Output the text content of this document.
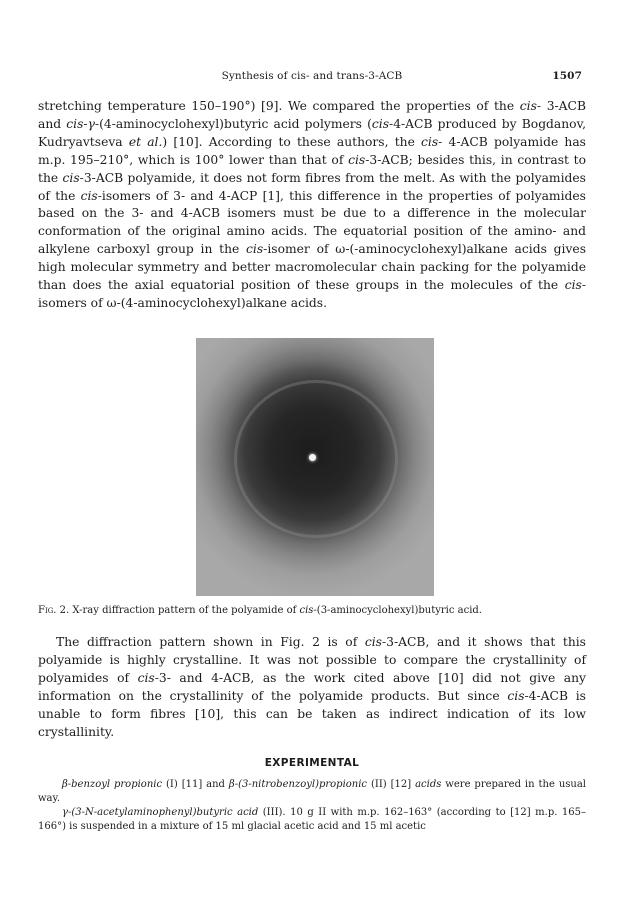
Synthesis of cis- and trans-3-ACB	1507

stretching temperature 150–190°) [9]. We compared the properties of the cis- 3-ACB and cis-γ-(4-aminocyclohexyl)butyric acid polymers (cis-4-ACB produced by Bogdanov, Kudryavtseva et al.) [10]. According to these authors, the cis- 4-ACB polyamide has m.p. 195–210°, which is 100° lower than that of cis-3-ACB; besides this, in contrast to the cis-3-ACB polyamide, it does not form fibres from the melt. As with the polyamides of the cis-isomers of 3- and 4-ACP [1], this difference in the properties of polyamides based on the 3- and 4-ACB isomers must be due to a difference in the molecular conformation of the original amino acids. The equatorial position of the amino- and alkylene carboxyl group in the cis-isomer of ω-(-aminocyclohexyl)alkane acids gives high molecular symmetry and better macromolecular chain packing for the polyamide than does the axial equatorial position of these groups in the molecules of the cis-isomers of ω-(4-aminocyclohexyl)alkane acids.

Fig. 2. X-ray diffraction pattern of the polyamide of cis-(3-aminocyclohexyl)butyric acid.

The diffraction pattern shown in Fig. 2 is of cis-3-ACB, and it shows that this polyamide is highly crystalline. It was not possible to compare the crystallinity of polyamides of cis-3- and 4-ACB, as the work cited above [10] did not give any information on the crystallinity of the polyamide products. But since cis-4-ACB is unable to form fibres [10], this can be taken as indirect indication of its low crystallinity.

EXPERIMENTAL

β-benzoyl propionic (I) [11] and β-(3-nitrobenzoyl)propionic (II) [12] acids were prepared in the usual way.

γ-(3-N-acetylaminophenyl)butyric acid (III). 10 g II with m.p. 162–163° (according to [12] m.p. 165–166°) is suspended in a mixture of 15 ml glacial acetic acid and 15 ml acetic
